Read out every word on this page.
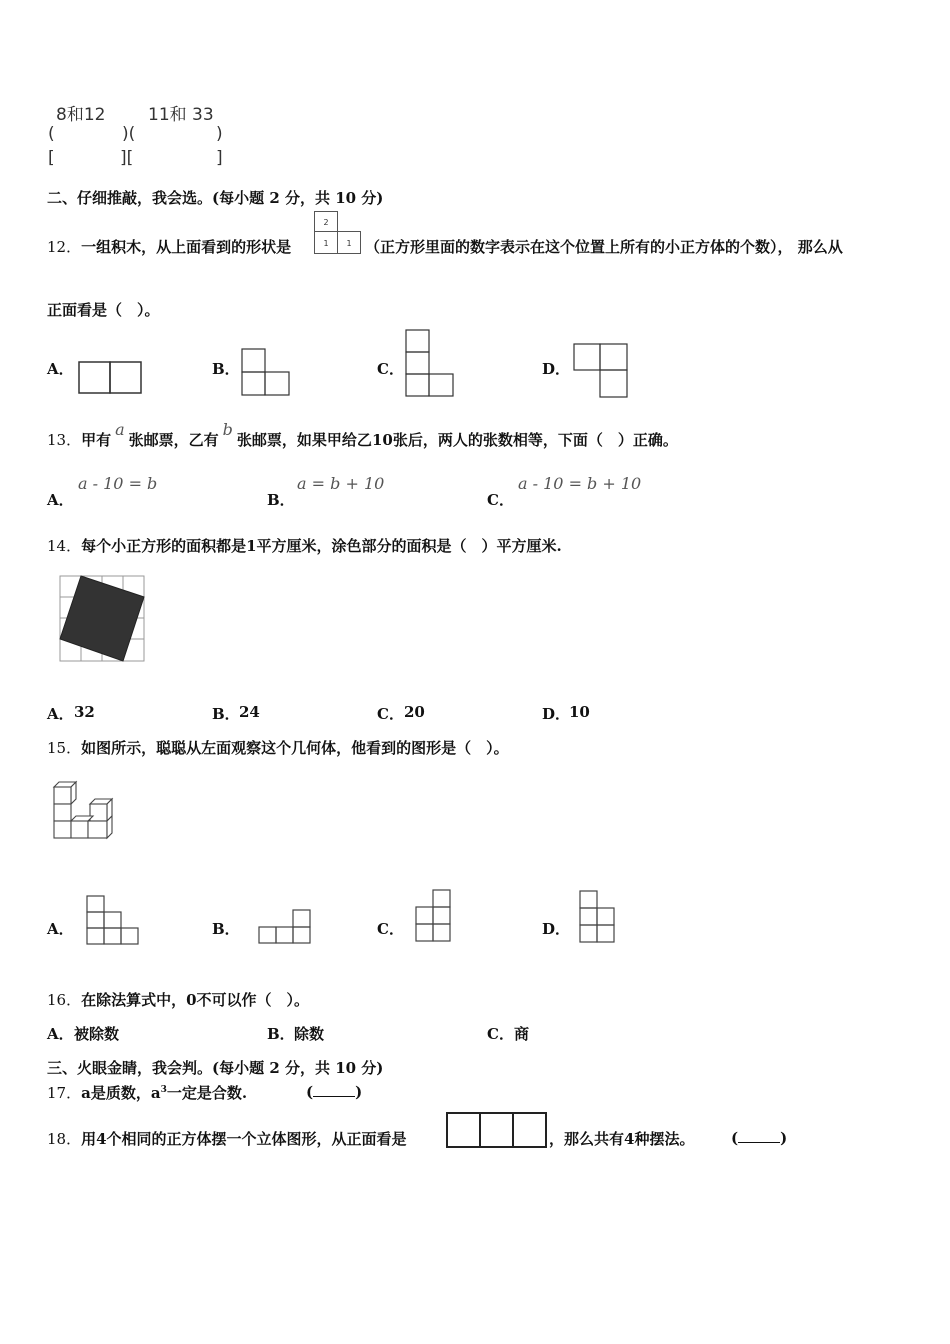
8和12	11和 33
(	)(	)
[	][	]
二、仔细推敲，我会选。(每小题 2 分，共 10 分)
12．一组积木，从上面看到的形状是
2
1 1 （正方形里面的数字表示在这个位置上所有的小正方体的个数）， 那么从
正面看是（　）。
A．	B．	C．	D．
13．甲有a张邮票，乙有b张邮票，如果甲给乙10张后，两人的张数相等，下面（　）正确。
A．
a - 10 = b
B．
a = b + 10
C．
a - 10 = b + 10
14．每个小正方形的面积都是1平方厘米，涂色部分的面积是（　）平方厘米.
A． 32	B． 24	C． 20	D．
10
15．如图所示，聪聪从左面观察这个几何体，他看到的图形是（　）。
A．	B．	C．	D．
16．在除法算式中，0不可以作（　）。
A． 被除数	B． 除数	C． 商
三、火眼金睛，我会判。(每小题 2 分，共 10 分)
17．a是质数，$a^3$一定是合数.	(	)
18．用4个相同的正方体摆一个立体图形，从正面看是	，那么共有4种摆法。 (	)
